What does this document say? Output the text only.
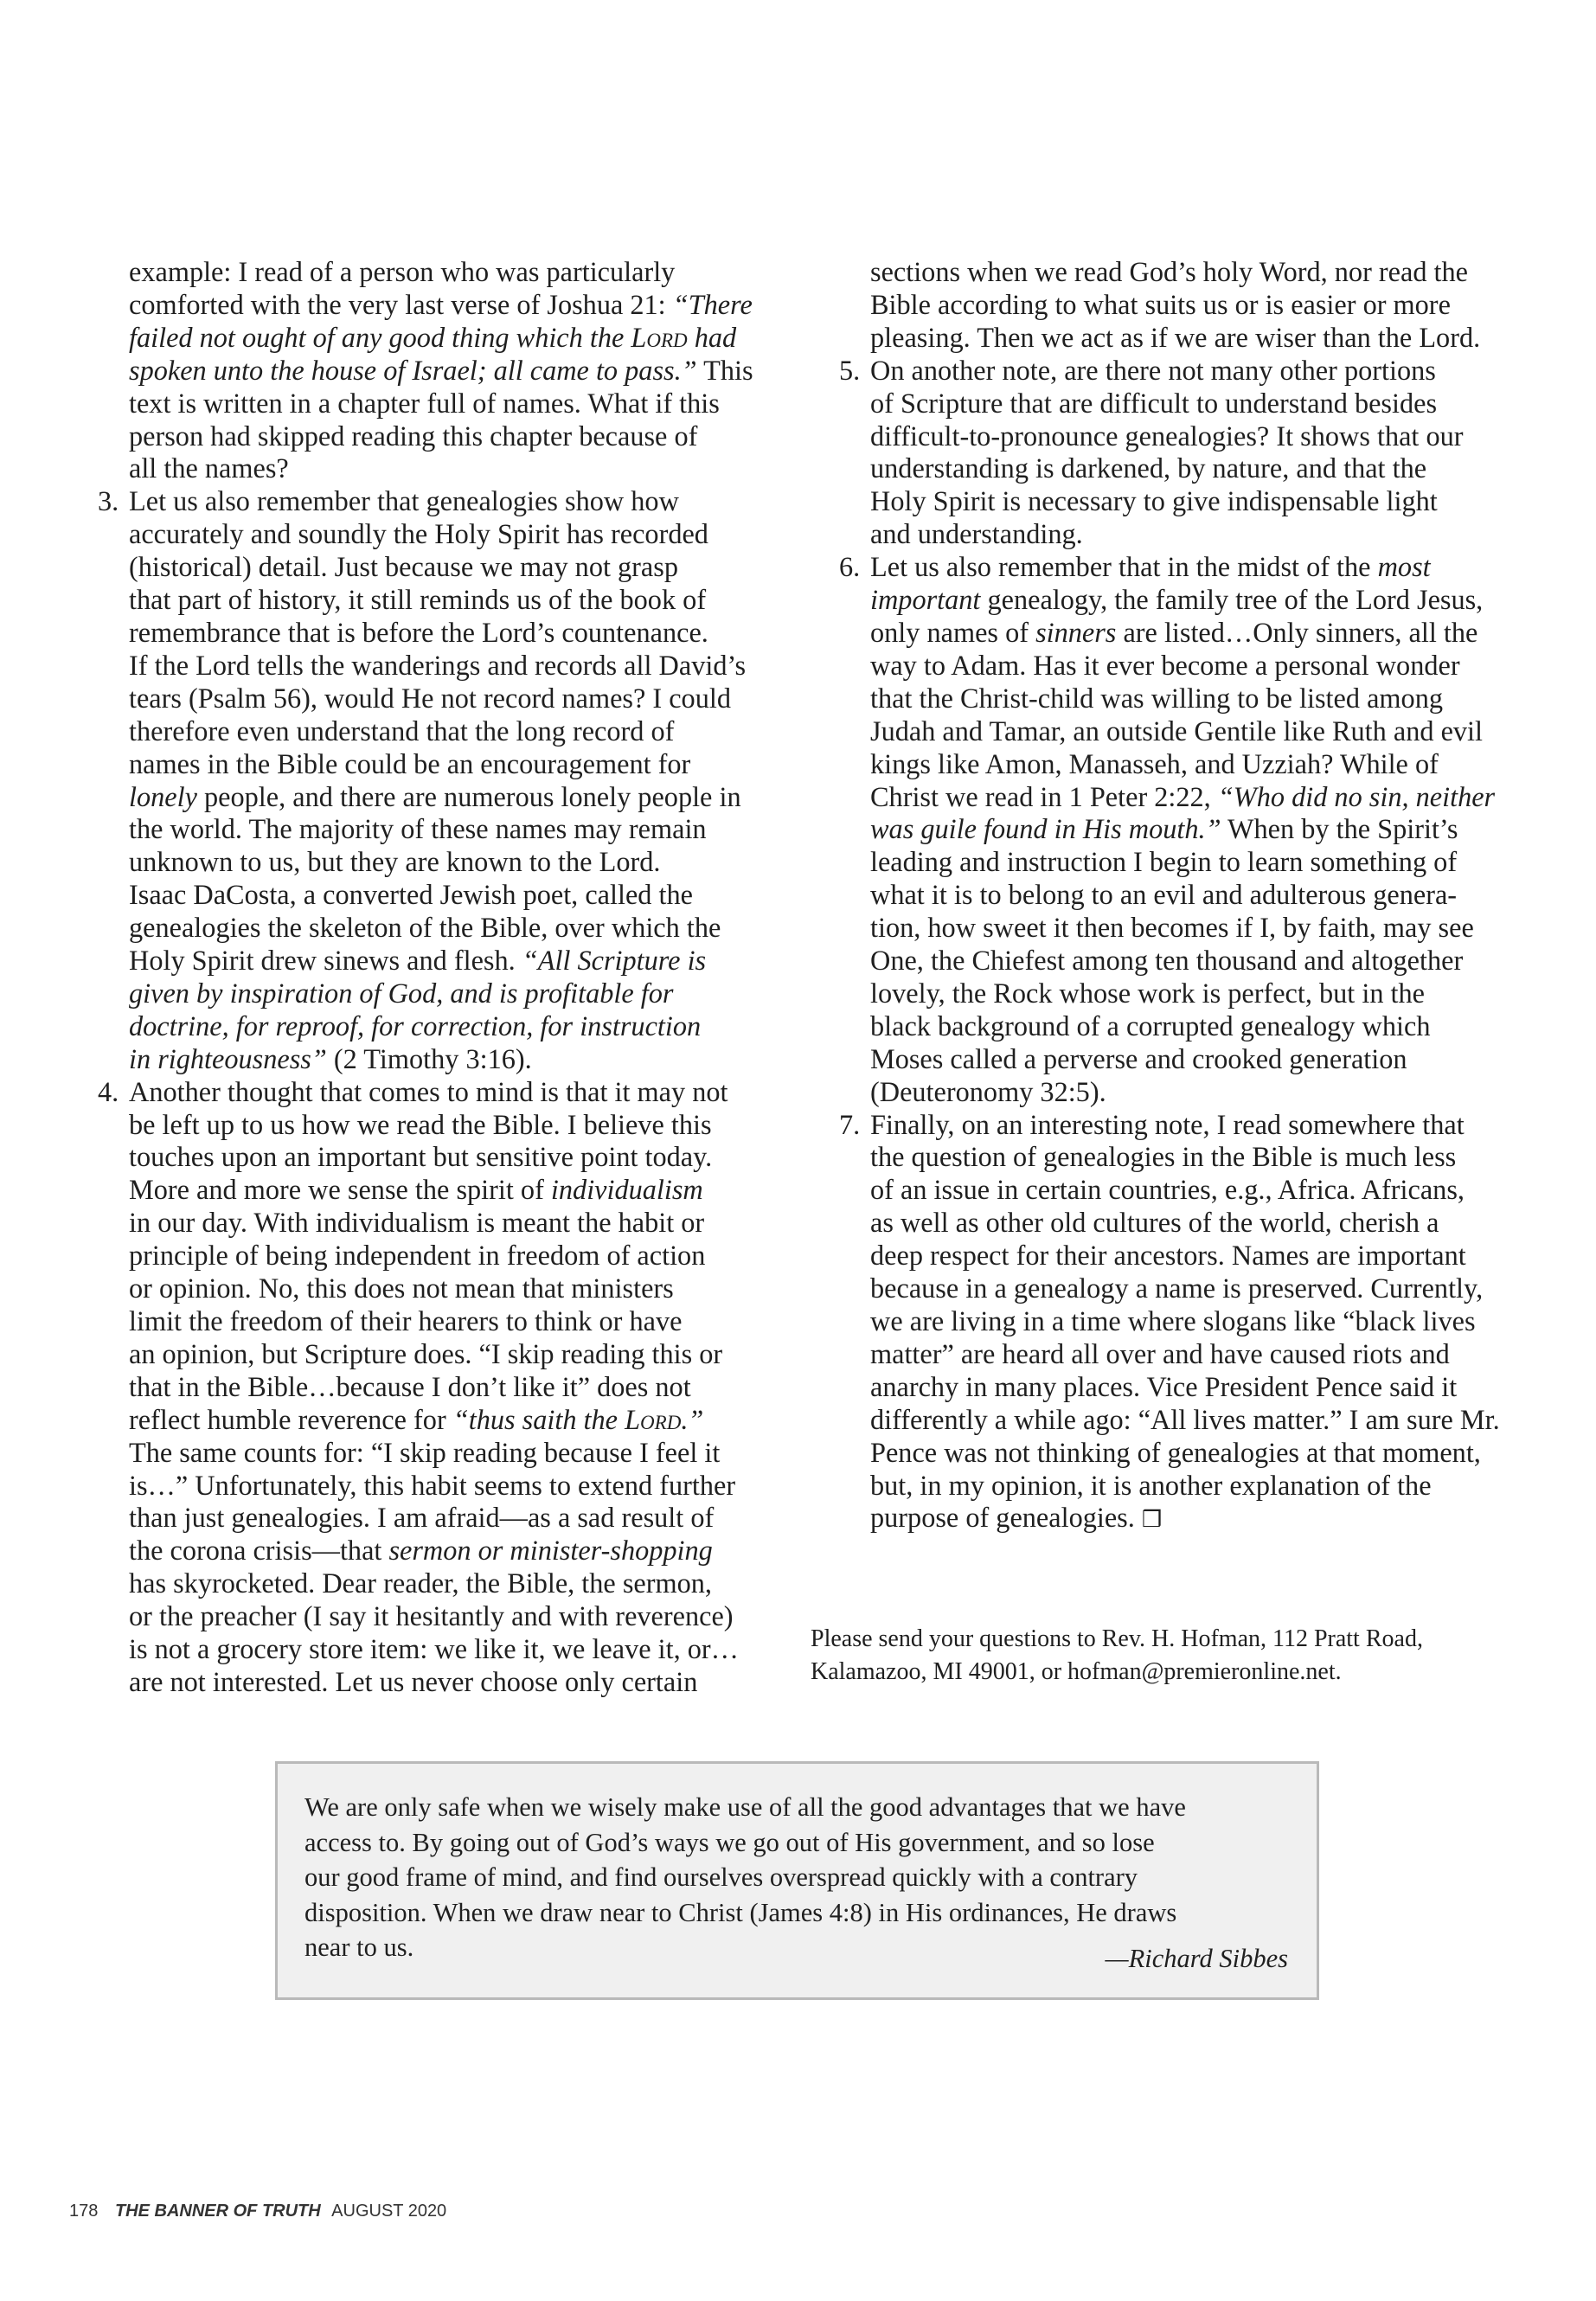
example: I read of a person who was particularly
comforted with the very last verse of Joshua 21: “There
failed not ought of any good thing which the Lord had
spoken unto the house of Israel; all came to pass.” This
text is written in a chapter full of names. What if this
person had skipped reading this chapter because of
all the names?
3. Let us also remember that genealogies show how
accurately and soundly the Holy Spirit has recorded
(historical) detail. Just because we may not grasp
that part of history, it still reminds us of the book of
remembrance that is before the Lord’s countenance.
If the Lord tells the wanderings and records all David’s
tears (Psalm 56), would He not record names? I could
therefore even understand that the long record of
names in the Bible could be an encouragement for
lonely people, and there are numerous lonely people in
the world. The majority of these names may remain
unknown to us, but they are known to the Lord.
Isaac DaCosta, a converted Jewish poet, called the
genealogies the skeleton of the Bible, over which the
Holy Spirit drew sinews and flesh. “All Scripture is
given by inspiration of God, and is profitable for
doctrine, for reproof, for correction, for instruction
in righteousness” (2 Timothy 3:16).
4. Another thought that comes to mind is that it may not
be left up to us how we read the Bible. I believe this
touches upon an important but sensitive point today.
More and more we sense the spirit of individualism
in our day. With individualism is meant the habit or
principle of being independent in freedom of action
or opinion. No, this does not mean that ministers
limit the freedom of their hearers to think or have
an opinion, but Scripture does. “I skip reading this or
that in the Bible…because I don’t like it” does not
reflect humble reverence for “thus saith the Lord.”
The same counts for: “I skip reading because I feel it
is…” Unfortunately, this habit seems to extend further
than just genealogies. I am afraid—as a sad result of
the corona crisis—that sermon or minister-shopping
has skyrocketed. Dear reader, the Bible, the sermon,
or the preacher (I say it hesitantly and with reverence)
is not a grocery store item: we like it, we leave it, or…
are not interested. Let us never choose only certain
sections when we read God’s holy Word, nor read the
Bible according to what suits us or is easier or more
pleasing. Then we act as if we are wiser than the Lord.
5. On another note, are there not many other portions
of Scripture that are difficult to understand besides
difficult-to-pronounce genealogies? It shows that our
understanding is darkened, by nature, and that the
Holy Spirit is necessary to give indispensable light
and understanding.
6. Let us also remember that in the midst of the most
important genealogy, the family tree of the Lord Jesus,
only names of sinners are listed…Only sinners, all the
way to Adam. Has it ever become a personal wonder
that the Christ-child was willing to be listed among
Judah and Tamar, an outside Gentile like Ruth and evil
kings like Amon, Manasseh, and Uzziah? While of
Christ we read in 1 Peter 2:22, “Who did no sin, neither
was guile found in His mouth.” When by the Spirit’s
leading and instruction I begin to learn something of
what it is to belong to an evil and adulterous genera-
tion, how sweet it then becomes if I, by faith, may see
One, the Chiefest among ten thousand and altogether
lovely, the Rock whose work is perfect, but in the
black background of a corrupted genealogy which
Moses called a perverse and crooked generation
(Deuteronomy 32:5).
7. Finally, on an interesting note, I read somewhere that
the question of genealogies in the Bible is much less
of an issue in certain countries, e.g., Africa. Africans,
as well as other old cultures of the world, cherish a
deep respect for their ancestors. Names are important
because in a genealogy a name is preserved. Currently,
we are living in a time where slogans like “black lives
matter” are heard all over and have caused riots and
anarchy in many places. Vice President Pence said it
differently a while ago: “All lives matter.” I am sure Mr.
Pence was not thinking of genealogies at that moment,
but, in my opinion, it is another explanation of the
purpose of genealogies. ❒
Please send your questions to Rev. H. Hofman, 112 Pratt Road,
Kalamazoo, MI 49001, or hofman@premieronline.net.
We are only safe when we wisely make use of all the good advantages that we have
access to. By going out of God’s ways we go out of His government, and so lose
our good frame of mind, and find ourselves overspread quickly with a contrary
disposition. When we draw near to Christ (James 4:8) in His ordinances, He draws
near to us.	—Richard Sibbes
178 THE BANNER OF TRUTH AUGUST 2020
